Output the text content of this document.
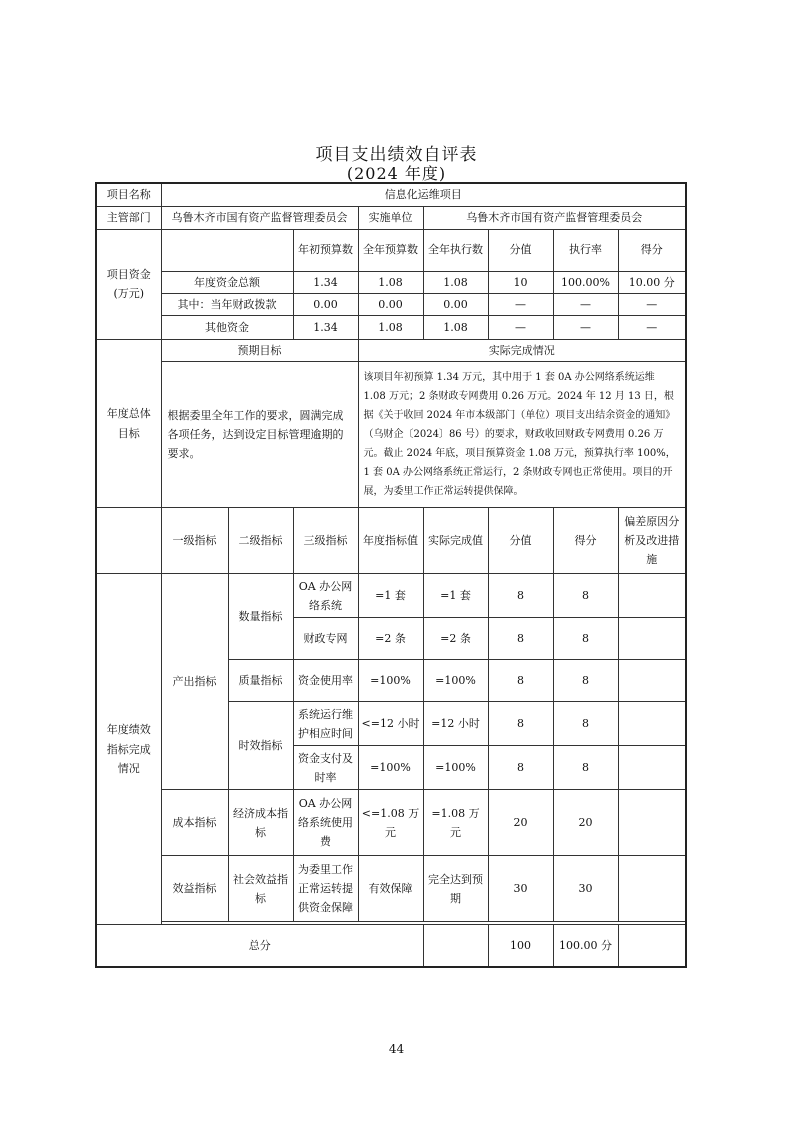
项目支出绩效自评表
(2024 年度)
项目名称	信息化运维项目							
主管部门	乌鲁木齐市国有资产监督管理委员会			实施单位	乌鲁木齐市国有资产监督管理委员会			
项目资金
(万元)			年初预算数	全年预算数	全年执行数	分值	执行率	得分
	年度资金总额		1.34	1.08	1.08	10	100.00%	10.00 分
	其中：当年财政拨款		0.00	0.00	0.00	—	—	—
	其他资金		1.34	1.08	1.08	—	—	—
年度总体
目标	预期目标			实际完成情况				
	根据委里全年工作的要求，圆满完成各项任务，达到设定目标管理逾期的要求。			该项目年初预算 1.34 万元，其中用于 1 套 0A 办公网络系统运维 1.08 万元；2 条财政专网费用 0.26 万元。2024 年 12 月 13 日，根据《关于收回 2024 年市本级部门（单位）项目支出结余资金的通知》（乌财企〔2024〕86 号）的要求，财政收回财政专网费用 0.26 万元。截止 2024 年底，项目预算资金 1.08 万元，预算执行率 100%，1 套 0A 办公网络系统正常运行，2 条财政专网也正常使用。项目的开展，为委里工作正常运转提供保障。				
	一级指标	二级指标	三级指标	年度指标值	实际完成值	分值	得分	偏差原因分析及改进措施
年度绩效
指标完成
情况	产出指标	数量指标	OA 办公网络系统	=1 套	=1 套	8	8	
			财政专网	=2 条	=2 条	8	8	
		质量指标	资金使用率	=100%	=100%	8	8	
		时效指标	系统运行维护相应时间	<=12 小时	=12 小时	8	8	
			资金支付及时率	=100%	=100%	8	8	
	成本指标	经济成本指标	OA 办公网络系统使用费	<=1.08 万元	=1.08 万元	20	20	
	效益指标	社会效益指标	为委里工作正常运转提供资金保障	有效保障	完全达到预期	30	30	

总分						100	100.00 分	
44
